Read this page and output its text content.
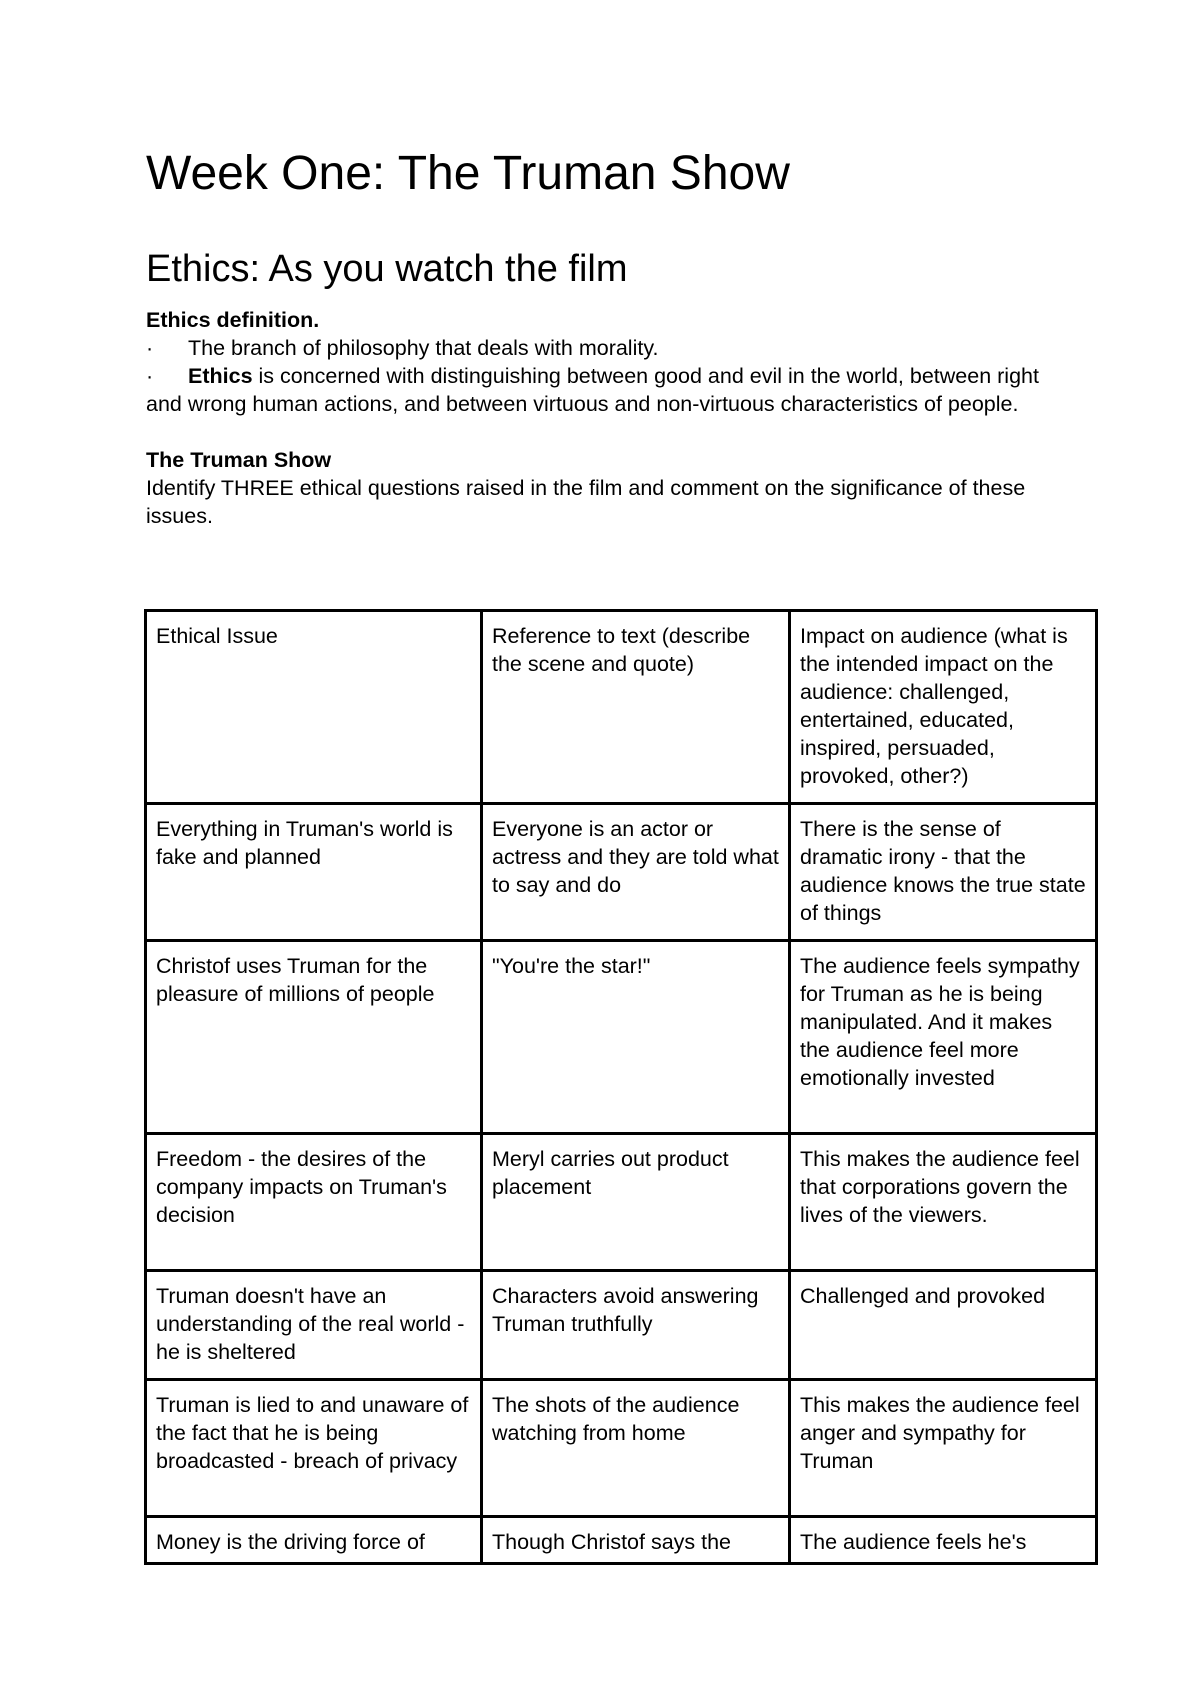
Week One: The Truman Show
Ethics: As you watch the film

Ethics definition.

· The branch of philosophy that deals with morality.

· Ethics is concerned with distinguishing between good and evil in the world, between right and wrong human actions, and between virtuous and non-virtuous characteristics of people.

The Truman Show

Identify THREE ethical questions raised in the film and comment on the significance of these issues.

Ethical Issue	Reference to text (describe the scene and quote)	Impact on audience (what is the intended impact on the audience: challenged, entertained, educated, inspired, persuaded, provoked, other?)
Everything in Truman's world is fake and planned	Everyone is an actor or actress and they are told what to say and do	There is the sense of dramatic irony - that the audience knows the true state of things
Christof uses Truman for the pleasure of millions of people	"You're the star!"	The audience feels sympathy for Truman as he is being manipulated. And it makes the audience feel more emotionally invested
Freedom - the desires of the company impacts on Truman's decision	Meryl carries out product placement	This makes the audience feel that corporations govern the lives of the viewers.
Truman doesn't have an understanding of the real world - he is sheltered	Characters avoid answering Truman truthfully	Challenged and provoked
Truman is lied to and unaware of the fact that he is being broadcasted - breach of privacy	The shots of the audience watching from home	This makes the audience feel anger and sympathy for Truman
Money is the driving force of	Though Christof says the	The audience feels he's
